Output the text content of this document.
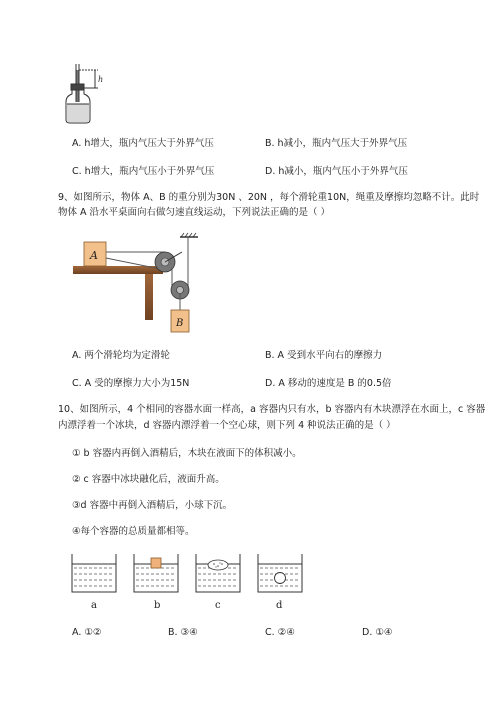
h
A. h增大，瓶内气压大于外界气压	B. h减小，瓶内气压大于外界气压
C. h增大，瓶内气压小于外界气压	D. h减小，瓶内气压小于外界气压
9、如图所示，物体 A、B 的重分别为30N 、20N ，每个滑轮重10N，绳重及摩擦均忽略不计。此时
物体 A 沿水平桌面向右做匀速直线运动，下列说法正确的是（ ）
A
B
A. 两个滑轮均为定滑轮	B. A 受到水平向右的摩擦力
C. A 受的摩擦力大小为15N	D. A 移动的速度是 B 的0.5倍
10、如图所示，4 个相同的容器水面一样高，a 容器内只有水，b 容器内有木块漂浮在水面上，c 容器
内漂浮着一个冰块，d 容器内漂浮着一个空心球，则下列 4 种说法正确的是（ ）
① b 容器内再倒入酒精后，木块在液面下的体积减小。
② c 容器中冰块融化后，液面升高。
③d 容器中再倒入酒精后，小球下沉。
④每个容器的总质量都相等。
a	b	c	d
A. ①②	B. ③④	C. ②④	D. ①④
